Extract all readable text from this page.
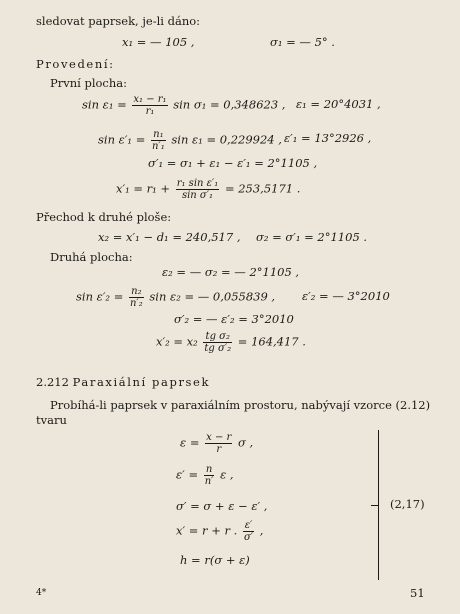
sledovat paprsek, je-li dáno:
x₁ = — 105 ,	σ₁ = — 5° .
Provedení:
První plocha:
$\sin \varepsilon_1 = \frac{\text{x₁ − r₁}}{\text{r₁}}$ sin σ₁ = 0,348623 , ε₁ = 20°4031 ,
$\sin \varepsilon'_1 = \frac{\text{n₁}}{\text{n′₁}}$ sin ε₁ = 0,229924 , ε′₁ = 13°2926 ,
σ′₁ = σ₁ + ε₁ − ε′₁ = 2°1105 ,
$x'_1 = r_1 + \frac{\text{r₁ sin ε′₁}}{\text{sin σ′₁}} = 253,5171$ .
Přechod k druhé ploše:
x₂ = x′₁ − d₁ = 240,517 , σ₂ = σ′₁ = 2°1105 .
Druhá plocha:
ε₂ = — σ₂ = — 2°1105 ,
$\sin \varepsilon'_2 = \frac{\text{n₂}}{\text{n′₂}}$ sin ε₂ = — 0,055839 , ε′₂ = — 3°2010
σ′₂ = — ε′₂ = 3°2010
$x'_2 = x_2 \frac{\text{tg σ₂}}{\text{tg σ′₂}} = 164,417$ .
2.212 Paraxiální paprsek
Probíhá-li paprsek v paraxiálním prostoru, nabývají vzorce (2.12)
tvaru
$\varepsilon = \frac{x - r}{r}$ σ ,
$\varepsilon' = \frac{n}{n'}$ ε ,
σ′ = σ + ε − ε′ ,
x′ = r + r . $\frac{\varepsilon'}{\sigma'}$ ,
h = r(σ + ε)
(2,17)
4*	51
